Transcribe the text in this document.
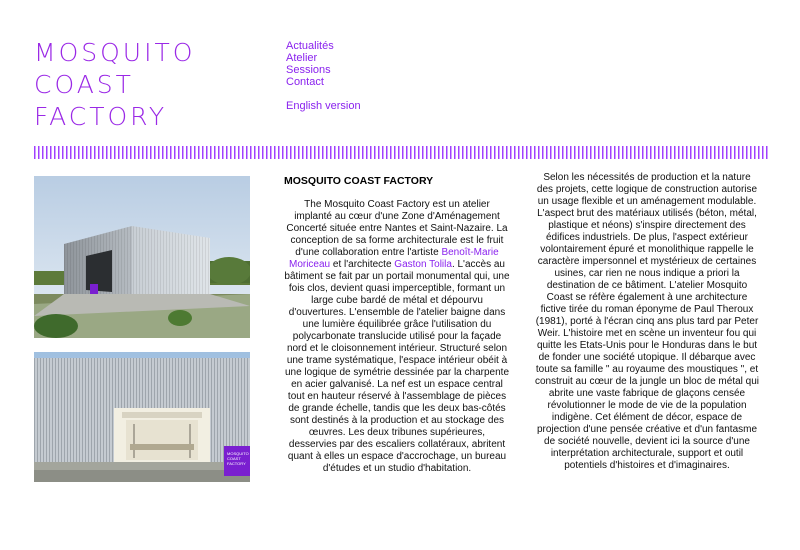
MOSQUITO
COAST
FACTORY
Actualités
Atelier
Sessions
Contact
English version
MOSQUITO
COAST
FACTORY
MOSQUITO COAST FACTORY

The Mosquito Coast Factory est un atelier implanté au cœur d'une Zone d'Aménagement Concerté située entre Nantes et Saint-Nazaire. La conception de sa forme architecturale est le fruit d'une collaboration entre l'artiste Benoît-Marie Moriceau et l'architecte Gaston Tolila. L'accès au bâtiment se fait par un portail monumental qui, une fois clos, devient quasi imperceptible, formant un large cube bardé de métal et dépourvu d'ouvertures. L'ensemble de l'atelier baigne dans une lumière équilibrée grâce l'utilisation du polycarbonate translucide utilisé pour la façade nord et le cloisonnement intérieur. Structuré selon une trame systématique, l'espace intérieur obéit à une logique de symétrie dessinée par la charpente en acier galvanisé. La nef est un espace central tout en hauteur réservé à l'assemblage de pièces de grande échelle, tandis que les deux bas-côtés sont destinés à la production et au stockage des œuvres. Les deux tribunes supérieures, desservies par des escaliers collatéraux, abritent quant à elles un espace d'accrochage, un bureau d'études et un studio d'habitation.

Selon les nécessités de production et la nature des projets, cette logique de construction autorise un usage flexible et un aménagement modulable. L'aspect brut des matériaux utilisés (béton, métal, plastique et néons) s'inspire directement des édifices industriels. De plus, l'aspect extérieur volontairement épuré et monolithique rappelle le caractère impersonnel et mystérieux de certaines usines, car rien ne nous indique a priori la destination de ce bâtiment. L'atelier Mosquito Coast se réfère également à une architecture fictive tirée du roman éponyme de Paul Theroux (1981), porté à l'écran cinq ans plus tard par Peter Weir. L'histoire met en scène un inventeur fou qui quitte les Etats-Unis pour le Honduras dans le but de fonder une société utopique. Il débarque avec toute sa famille " au royaume des moustiques ", et construit au cœur de la jungle un bloc de métal qui abrite une vaste fabrique de glaçons censée révolutionner le mode de vie de la population indigène. Cet élément de décor, espace de projection d'une pensée créative et d'un fantasme de société nouvelle, devient ici la source d'une interprétation architecturale, support et outil potentiels d'histoires et d'imaginaires.
